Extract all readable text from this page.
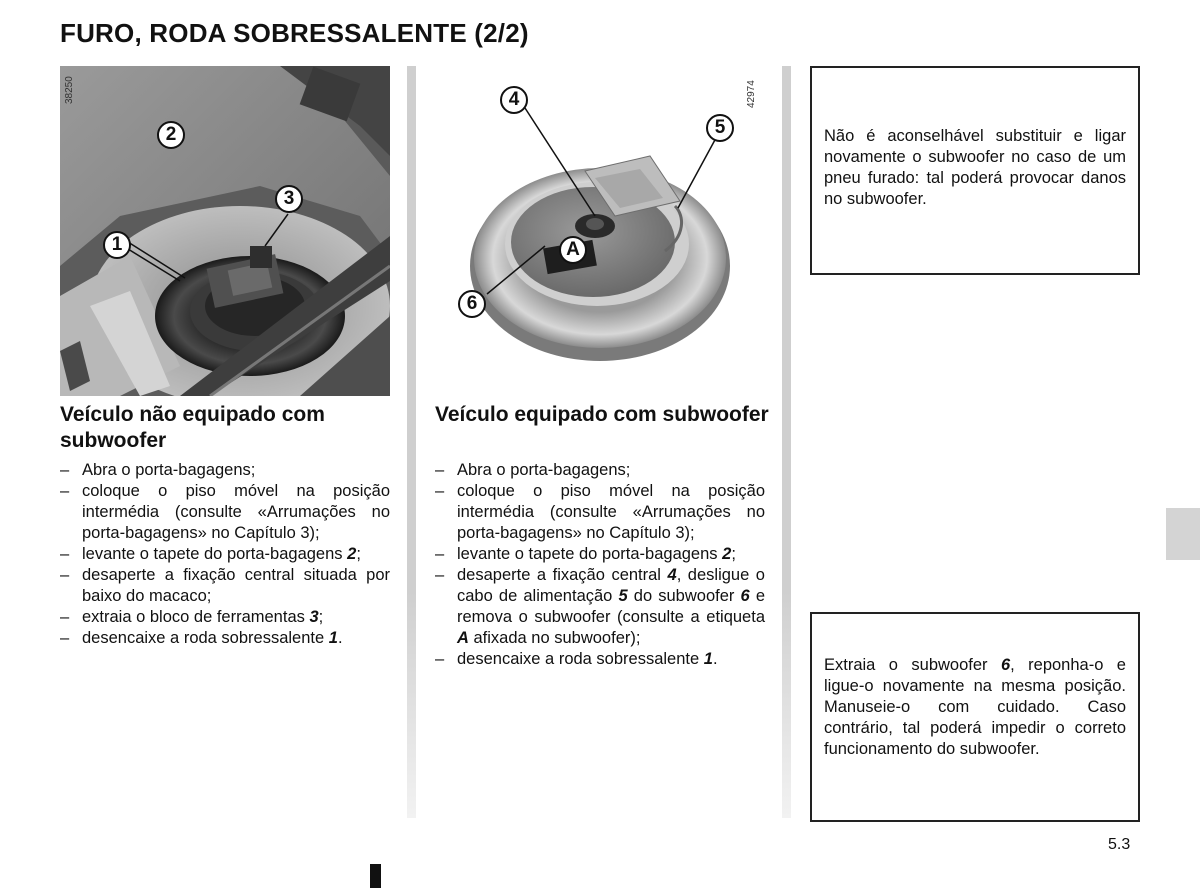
FURO, RODA SOBRESSALENTE (2/2)
38250
1
2
3
42974
4
5
A
6
Veículo não equipado com subwoofer
– Abra o porta-bagagens;
– coloque o piso móvel na posição intermédia (consulte «Arrumações no porta-bagagens» no Capítulo 3);
– levante o tapete do porta-bagagens 2;
– desaperte a fixação central situada por baixo do macaco;
– extraia o bloco de ferramentas 3;
– desencaixe a roda sobressalente 1.
Veículo equipado com subwoofer
– Abra o porta-bagagens;
– coloque o piso móvel na posição intermédia (consulte «Arrumações no porta-bagagens» no Capítulo 3);
– levante o tapete do porta-bagagens 2;
– desaperte a fixação central 4, desligue o cabo de alimentação 5 do subwoofer 6 e remova o subwoofer (consulte a etiqueta A afixada no subwoofer);
– desencaixe a roda sobressalente 1.

Não é aconselhável substituir e ligar novamente o subwoofer no caso de um pneu furado: tal poderá provocar danos no subwoofer.

Extraia o subwoofer 6, reponha-o e ligue-o novamente na mesma posição. Manuseie-o com cuidado. Caso contrário, tal poderá impedir o correto funcionamento do subwoofer.

5.3
